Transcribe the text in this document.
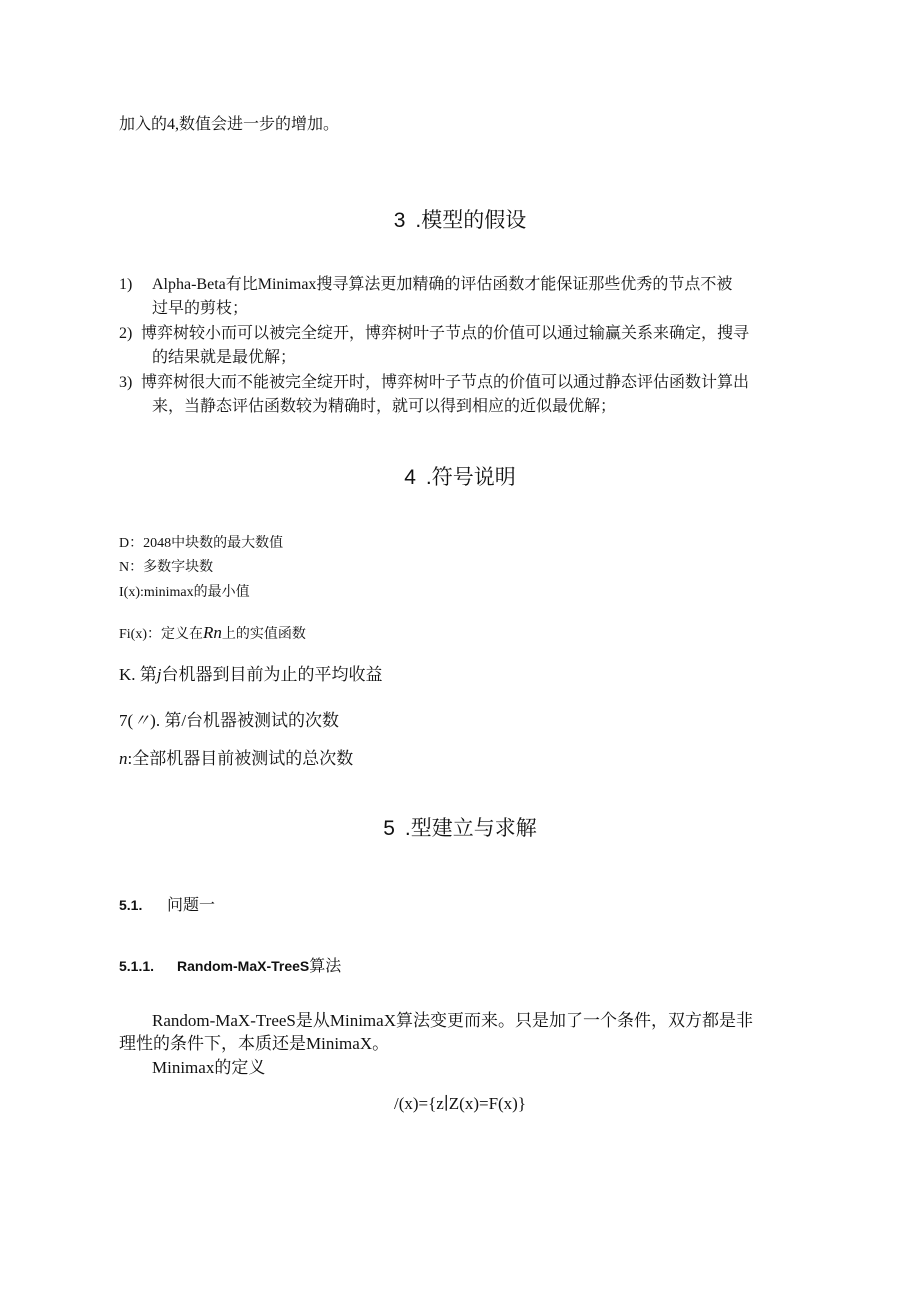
加入的4,数值会进一步的增加。
3 .模型的假设
1)	Alpha-Beta有比Minimax搜寻算法更加精确的评估函数才能保证那些优秀的节点不被
过早的剪枝；
2) 博弈树较小而可以被完全绽开，博弈树叶子节点的价值可以通过输赢关系来确定，搜寻
的结果就是最优解；
3) 博弈树很大而不能被完全绽开时，博弈树叶子节点的价值可以通过静态评估函数计算出
来，当静态评估函数较为精确时，就可以得到相应的近似最优解；
4 .符号说明
D：2048中块数的最大数值
N：多数字块数
I(x):minimax的最小值
Fi(x)：定义在Rn上的实值函数
K. 第j台机器到目前为止的平均收益
7(〃). 第/台机器被测试的次数
n:全部机器目前被测试的总次数
5 .型建立与求解
5.1. 问题一
5.1.1. Random-MaX-TreeS算法
Random-MaX-TreeS是从MinimaX算法变更而来。只是加了一个条件，双方都是非
理性的条件下，本质还是MinimaX。
Minimax的定义
/(x)={z∣Z(x)=F(x)}
